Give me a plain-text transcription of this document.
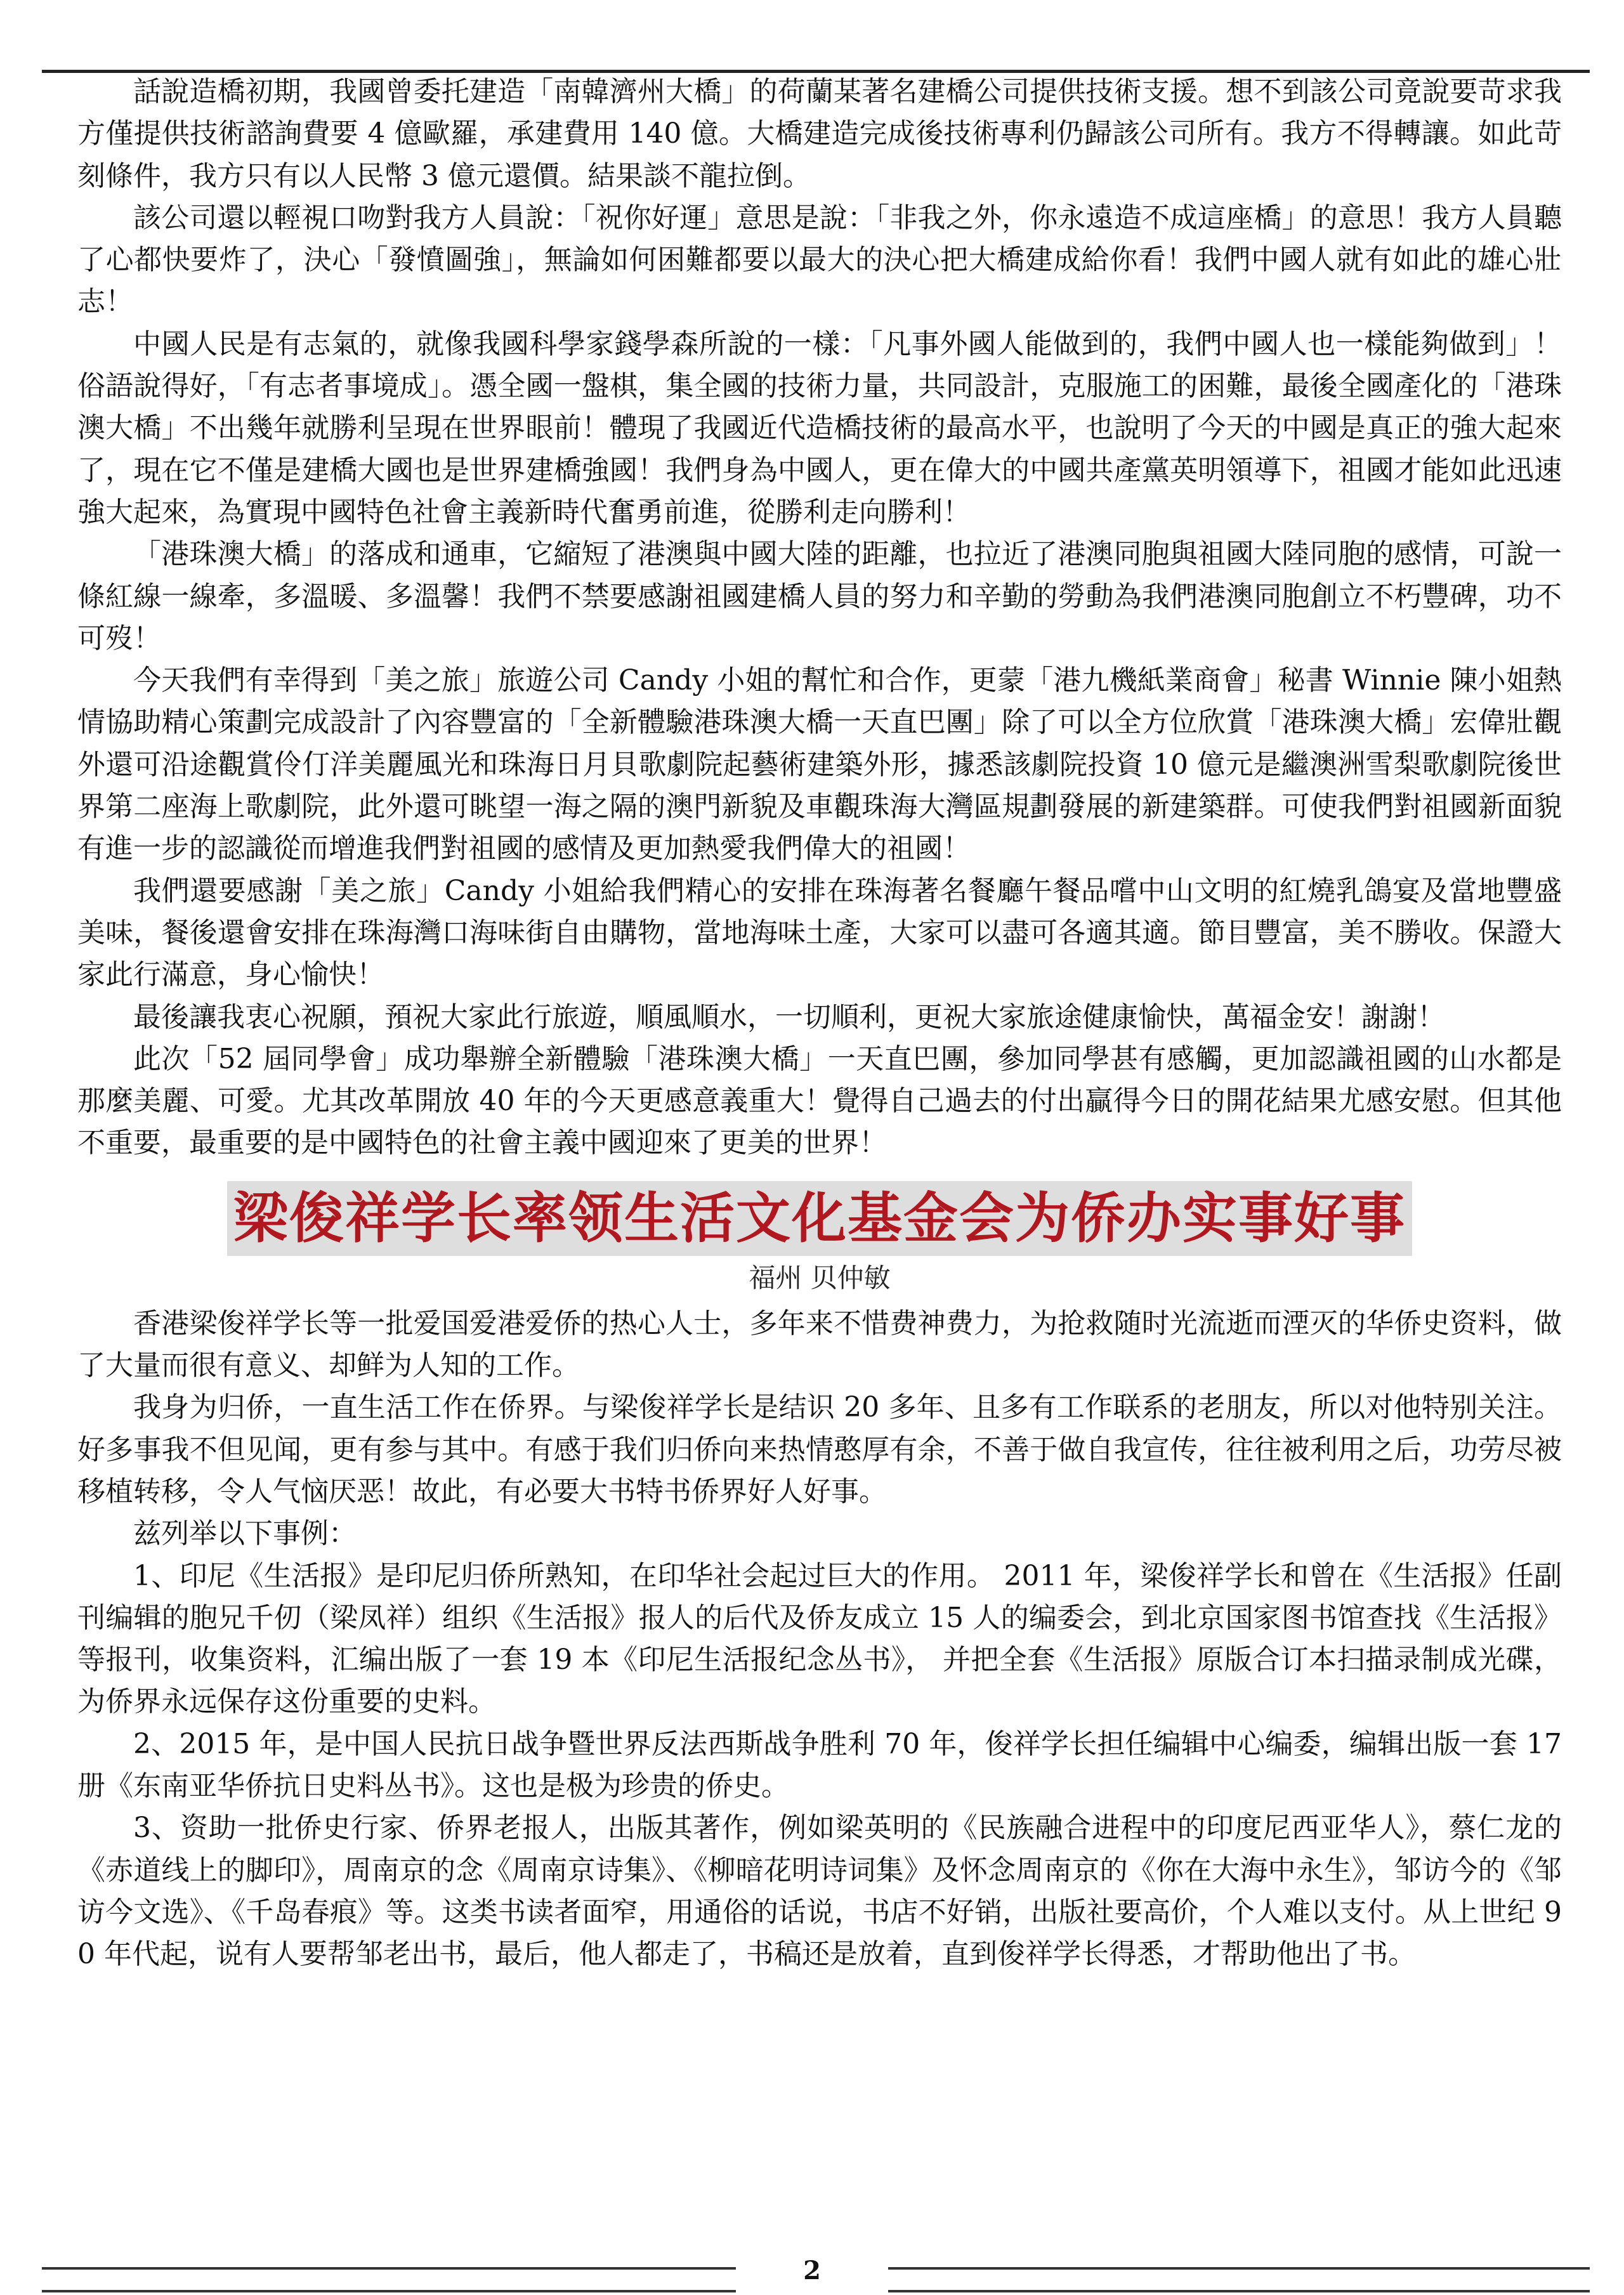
話說造橋初期，我國曾委托建造「南韓濟州大橋」的荷蘭某著名建橋公司提供技術支援。想不到該公司竟說要苛求我方僅提供技術諮詢費要 4 億歐羅，承建費用 140 億。大橋建造完成後技術專利仍歸該公司所有。我方不得轉讓。如此苛刻條件，我方只有以人民幣 3 億元還價。結果談不龍拉倒。

該公司還以輕視口吻對我方人員說：「祝你好運」意思是說：「非我之外，你永遠造不成這座橋」的意思！我方人員聽了心都快要炸了，決心「發憤圖強」，無論如何困難都要以最大的決心把大橋建成給你看！我們中國人就有如此的雄心壯志！

中國人民是有志氣的，就像我國科學家錢學森所說的一樣：「凡事外國人能做到的，我們中國人也一樣能夠做到」！俗語說得好，「有志者事境成」。憑全國一盤棋，集全國的技術力量，共同設計，克服施工的困難，最後全國產化的「港珠澳大橋」不出幾年就勝利呈現在世界眼前！體現了我國近代造橋技術的最高水平，也說明了今天的中國是真正的強大起來了，現在它不僅是建橋大國也是世界建橋強國！我們身為中國人，更在偉大的中國共產黨英明領導下，祖國才能如此迅速強大起來，為實現中國特色社會主義新時代奮勇前進，從勝利走向勝利！

「港珠澳大橋」的落成和通車，它縮短了港澳與中國大陸的距離，也拉近了港澳同胞與祖國大陸同胞的感情，可說一條紅線一線牽，多溫暖、多溫馨！我們不禁要感謝祖國建橋人員的努力和辛勤的勞動為我們港澳同胞創立不朽豐碑，功不可歿！

今天我們有幸得到「美之旅」旅遊公司 Candy 小姐的幫忙和合作，更蒙「港九機紙業商會」秘書 Winnie 陳小姐熱情協助精心策劃完成設計了內容豐富的「全新體驗港珠澳大橋一天直巴團」除了可以全方位欣賞「港珠澳大橋」宏偉壯觀外還可沿途觀賞伶仃洋美麗風光和珠海日月貝歌劇院起藝術建築外形，據悉該劇院投資 10 億元是繼澳洲雪梨歌劇院後世界第二座海上歌劇院，此外還可眺望一海之隔的澳門新貌及車觀珠海大灣區規劃發展的新建築群。可使我們對祖國新面貌有進一步的認識從而增進我們對祖國的感情及更加熱愛我們偉大的祖國！

我們還要感謝「美之旅」Candy 小姐給我們精心的安排在珠海著名餐廳午餐品嚐中山文明的紅燒乳鴿宴及當地豐盛美味，餐後還會安排在珠海灣口海味街自由購物，當地海味土產，大家可以盡可各適其適。節目豐富，美不勝收。保證大家此行滿意，身心愉快！

最後讓我衷心祝願，預祝大家此行旅遊，順風順水，一切順利，更祝大家旅途健康愉快，萬福金安！謝謝！

此次「52 屆同學會」成功舉辦全新體驗「港珠澳大橋」一天直巴團，參加同學甚有感觸，更加認識祖國的山水都是那麼美麗、可愛。尤其改革開放 40 年的今天更感意義重大！覺得自己過去的付出贏得今日的開花結果尤感安慰。但其他不重要，最重要的是中國特色的社會主義中國迎來了更美的世界！

梁俊祥学长率领生活文化基金会为侨办实事好事
福州 贝仲敏

香港梁俊祥学长等一批爱国爱港爱侨的热心人士，多年来不惜费神费力，为抢救随时光流逝而湮灭的华侨史资料，做了大量而很有意义、却鲜为人知的工作。

我身为归侨，一直生活工作在侨界。与梁俊祥学长是结识 20 多年、且多有工作联系的老朋友，所以对他特别关注。好多事我不但见闻，更有参与其中。有感于我们归侨向来热情憨厚有余，不善于做自我宣传，往往被利用之后，功劳尽被移植转移，令人气恼厌恶！故此，有必要大书特书侨界好人好事。

兹列举以下事例：

1、印尼《生活报》是印尼归侨所熟知，在印华社会起过巨大的作用。 2011 年，梁俊祥学长和曾在《生活报》任副刊编辑的胞兄千仞（梁凤祥）组织《生活报》报人的后代及侨友成立 15 人的编委会，到北京国家图书馆查找《生活报》等报刊，收集资料，汇编出版了一套 19 本《印尼生活报纪念丛书》， 并把全套《生活报》原版合订本扫描录制成光碟，为侨界永远保存这份重要的史料。

2、2015 年，是中国人民抗日战争暨世界反法西斯战争胜利 70 年，俊祥学长担任编辑中心编委，编辑出版一套 17 册《东南亚华侨抗日史料丛书》。这也是极为珍贵的侨史。

3、资助一批侨史行家、侨界老报人，出版其著作，例如梁英明的《民族融合进程中的印度尼西亚华人》，蔡仁龙的《赤道线上的脚印》，周南京的念《周南京诗集》、《柳暗花明诗词集》及怀念周南京的《你在大海中永生》，邹访今的《邹访今文选》、《千岛春痕》等。这类书读者面窄，用通俗的话说，书店不好销，出版社要高价，个人难以支付。从上世纪 90 年代起，说有人要帮邹老出书，最后，他人都走了，书稿还是放着，直到俊祥学长得悉，才帮助他出了书。

2
